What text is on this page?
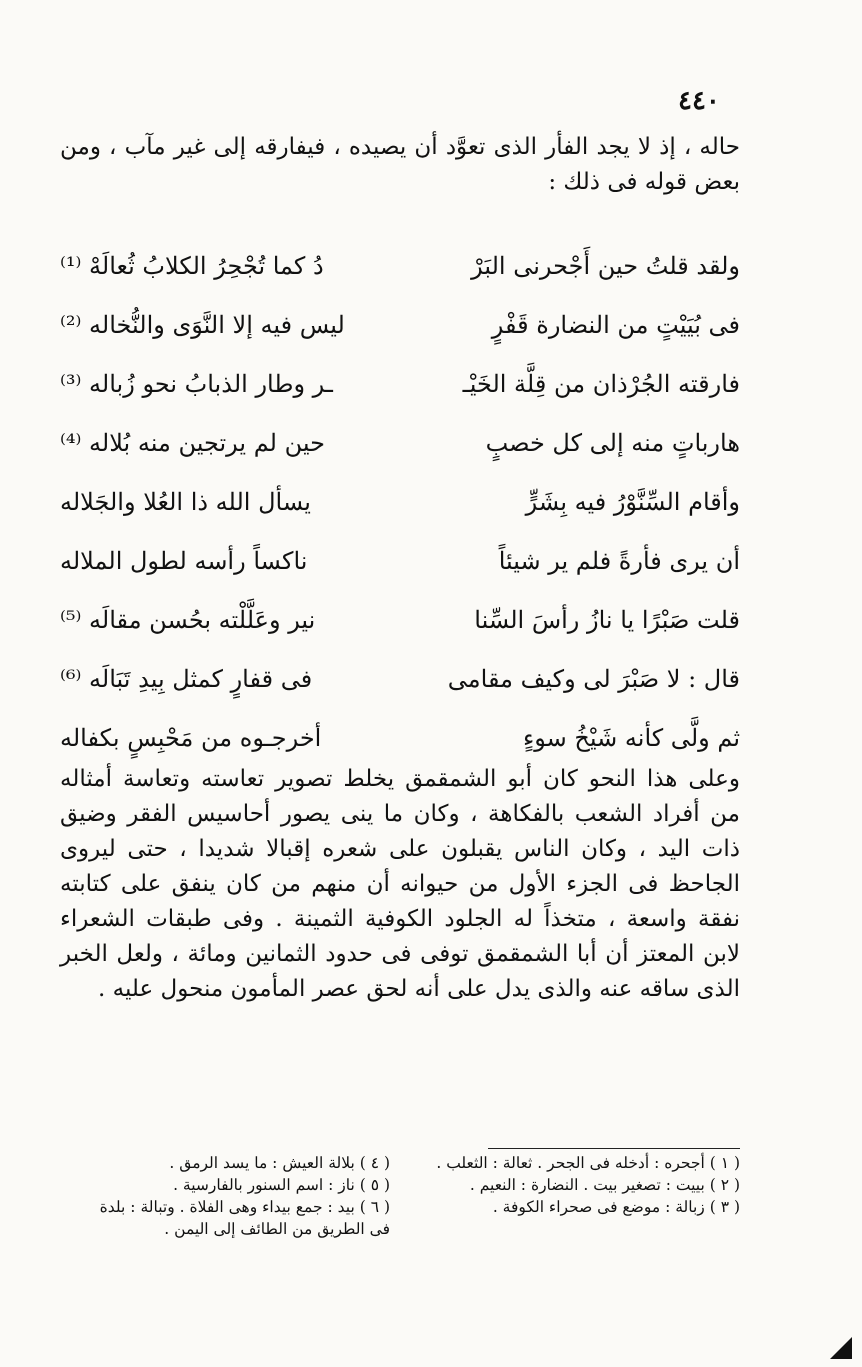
٤٤٠

حاله ، إذ لا يجد الفأر الذى تعوَّد أن يصيده ، فيفارقه إلى غير مآب ، ومن بعض قوله فى ذلك :

ولقد قلتُ حين أَجْحرنى البَرْ
دُ كما تُجْحِرُ الكلابُ ثُعالَهْ ⁽¹⁾
فى بُيَيْتٍ من النضارة قَفْرٍ
ليس فيه إلا النَّوَى والنُّخاله ⁽²⁾
فارقته الجُرْذان من قِلَّة الخَيْـ
ـر وطار الذبابُ نحو زُباله ⁽³⁾
هارباتٍ منه إلى كل خصبٍ
حين لم يرتجين منه بُلاله ⁽⁴⁾
وأقام السِّنَّوْرُ فيه بِشَرٍّ
يسأل الله ذا العُلا والجَلاله
أن يرى فأرةً فلم ير شيئاً
ناكساً رأسه لطول الملاله
قلت صَبْرًا يا نازُ رأسَ السِّنا
نير وعَلَّلْته بحُسن مقالَه ⁽⁵⁾
قال : لا صَبْرَ لى وكيف مقامى
فى قفارٍ كمثل بِيدِ تَبَالَه ⁽⁶⁾
ثم ولَّى كأنه شَيْخُ سوءٍ
أخرجـوه من مَحْبِسٍ بكفاله

وعلى هذا النحو كان أبو الشمقمق يخلط تصوير تعاسته وتعاسة أمثاله من أفراد الشعب بالفكاهة ، وكان ما ينى يصور أحاسيس الفقر وضيق ذات اليد ، وكان الناس يقبلون على شعره إقبالا شديدا ، حتى ليروى الجاحظ فى الجزء الأول من حيوانه أن منهم من كان ينفق على كتابته نفقة واسعة ، متخذاً له الجلود الكوفية الثمينة . وفى طبقات الشعراء لابن المعتز أن أبا الشمقمق توفى فى حدود الثمانين ومائة ، ولعل الخبر الذى ساقه عنه والذى يدل على أنه لحق عصر المأمون منحول عليه .

( ١ ) أجحره : أدخله فى الجحر . ثعالة : الثعلب .

( ٢ ) بييت : تصغير بيت . النضارة : النعيم .

( ٣ ) زبالة : موضع فى صحراء الكوفة .

( ٤ ) بلالة العيش : ما يسد الرمق .

( ٥ ) ناز : اسم السنور بالفارسية .

( ٦ ) بيد : جمع بيداء وهى الفلاة . وتبالة : بلدة فى الطريق من الطائف إلى اليمن .
